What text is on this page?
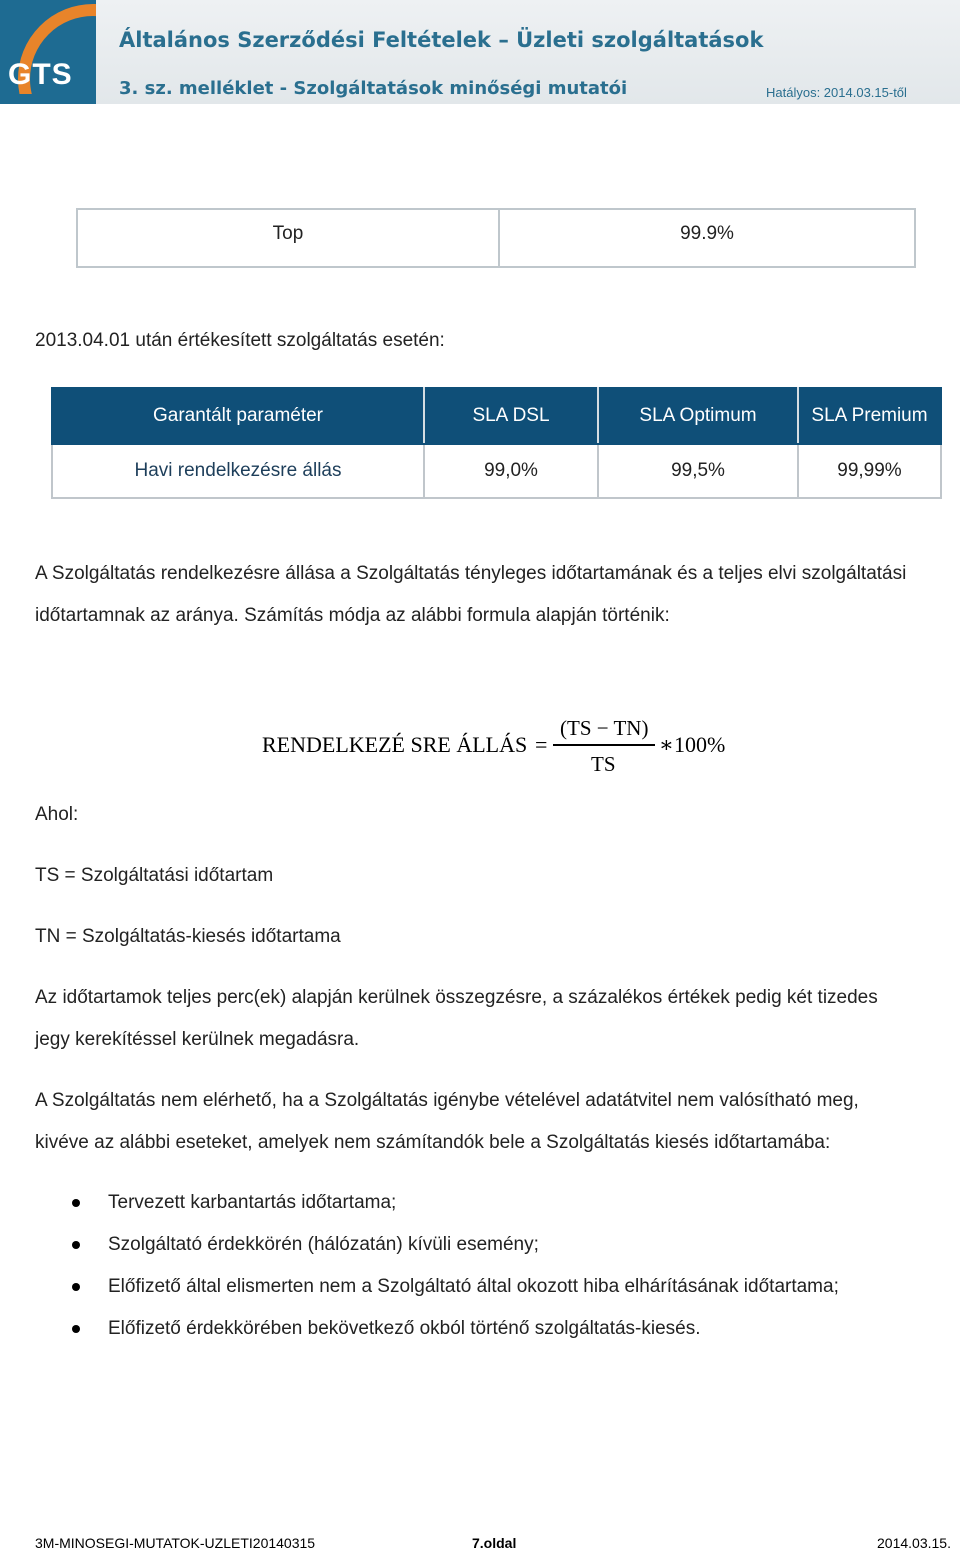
GTS
Általános Szerződési Feltételek – Üzleti szolgáltatások
3. sz. melléklet - Szolgáltatások minőségi mutatói	Hatályos: 2014.03.15-től
Top	99.9%
2013.04.01 után értékesített szolgáltatás esetén:
Garantált paraméter	SLA DSL	SLA Optimum	SLA Premium
Havi rendelkezésre állás	99,0%	99,5%	99,99%
A Szolgáltatás rendelkezésre állása a Szolgáltatás tényleges időtartamának és a teljes elvi szolgáltatási
időtartamnak az aránya. Számítás módja az alábbi formula alapján történik:
RENDELKEZÉ SRE ÁLLÁS =
(TS − TN)
TS
∗100%
Ahol:
TS = Szolgáltatási időtartam
TN = Szolgáltatás-kiesés időtartama
Az időtartamok teljes perc(ek) alapján kerülnek összegzésre, a százalékos értékek pedig két tizedes
jegy kerekítéssel kerülnek megadásra.
A Szolgáltatás nem elérhető, ha a Szolgáltatás igénybe vételével adatátvitel nem valósítható meg,
kivéve az alábbi eseteket, amelyek nem számítandók bele a Szolgáltatás kiesés időtartamába:
Tervezett karbantartás időtartama;
Szolgáltató érdekkörén (hálózatán) kívüli esemény;
Előfizető által elismerten nem a Szolgáltató által okozott hiba elhárításának időtartama;
Előfizető érdekkörében bekövetkező okból történő szolgáltatás-kiesés.
3M-MINOSEGI-MUTATOK-UZLETI20140315	7.oldal	2014.03.15.
